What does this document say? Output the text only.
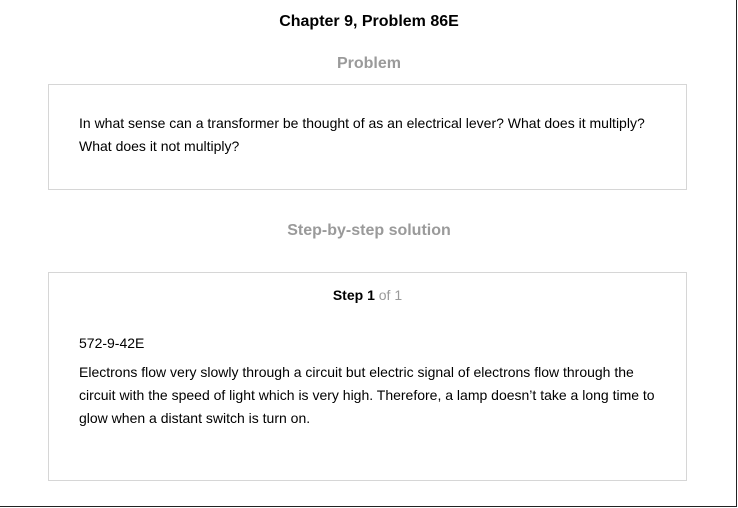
Chapter 9, Problem 86E
Problem
In what sense can a transformer be thought of as an electrical lever? What does it multiply? What does it not multiply?
Step-by-step solution
Step 1 of 1
572-9-42E
Electrons flow very slowly through a circuit but electric signal of electrons flow through the circuit with the speed of light which is very high. Therefore, a lamp doesn’t take a long time to glow when a distant switch is turn on.
